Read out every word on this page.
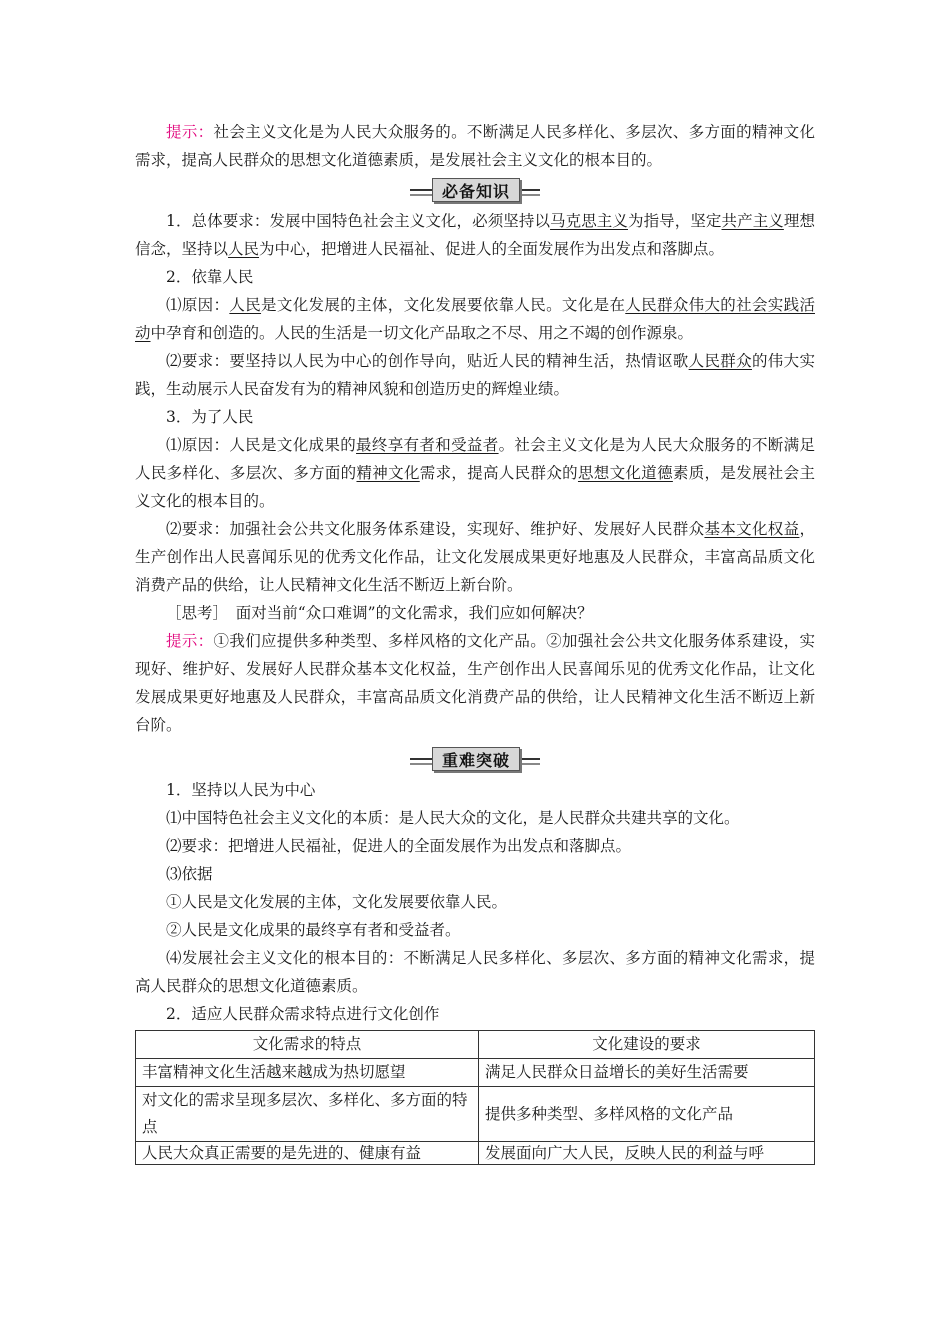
提示：社会主义文化是为人民大众服务的。不断满足人民多样化、多层次、多方面的精神文化需求，提高人民群众的思想文化道德素质，是发展社会主义文化的根本目的。

必备知识

1．总体要求：发展中国特色社会主义文化，必须坚持以马克思主义为指导，坚定共产主义理想信念，坚持以人民为中心，把增进人民福祉、促进人的全面发展作为出发点和落脚点。

2．依靠人民

⑴原因：人民是文化发展的主体，文化发展要依靠人民。文化是在人民群众伟大的社会实践活动中孕育和创造的。人民的生活是一切文化产品取之不尽、用之不竭的创作源泉。

⑵要求：要坚持以人民为中心的创作导向，贴近人民的精神生活，热情讴歌人民群众的伟大实践，生动展示人民奋发有为的精神风貌和创造历史的辉煌业绩。

3．为了人民

⑴原因：人民是文化成果的最终享有者和受益者。社会主义文化是为人民大众服务的不断满足人民多样化、多层次、多方面的精神文化需求，提高人民群众的思想文化道德素质，是发展社会主义文化的根本目的。

⑵要求：加强社会公共文化服务体系建设，实现好、维护好、发展好人民群众基本文化权益，生产创作出人民喜闻乐见的优秀文化作品，让文化发展成果更好地惠及人民群众，丰富高品质文化消费产品的供给，让人民精神文化生活不断迈上新台阶。

［思考］　面对当前“众口难调”的文化需求，我们应如何解决？

提示：①我们应提供多种类型、多样风格的文化产品。②加强社会公共文化服务体系建设，实现好、维护好、发展好人民群众基本文化权益，生产创作出人民喜闻乐见的优秀文化作品，让文化发展成果更好地惠及人民群众，丰富高品质文化消费产品的供给，让人民精神文化生活不断迈上新台阶。

重难突破

1．坚持以人民为中心

⑴中国特色社会主义文化的本质：是人民大众的文化，是人民群众共建共享的文化。

⑵要求：把增进人民福祉，促进人的全面发展作为出发点和落脚点。

⑶依据

①人民是文化发展的主体，文化发展要依靠人民。

②人民是文化成果的最终享有者和受益者。

⑷发展社会主义文化的根本目的：不断满足人民多样化、多层次、多方面的精神文化需求，提高人民群众的思想文化道德素质。

2．适应人民群众需求特点进行文化创作

文化需求的特点	文化建设的要求
丰富精神文化生活越来越成为热切愿望	满足人民群众日益增长的美好生活需要
对文化的需求呈现多层次、多样化、多方面的特点	提供多种类型、多样风格的文化产品
人民大众真正需要的是先进的、健康有益	发展面向广大人民，反映人民的利益与呼
